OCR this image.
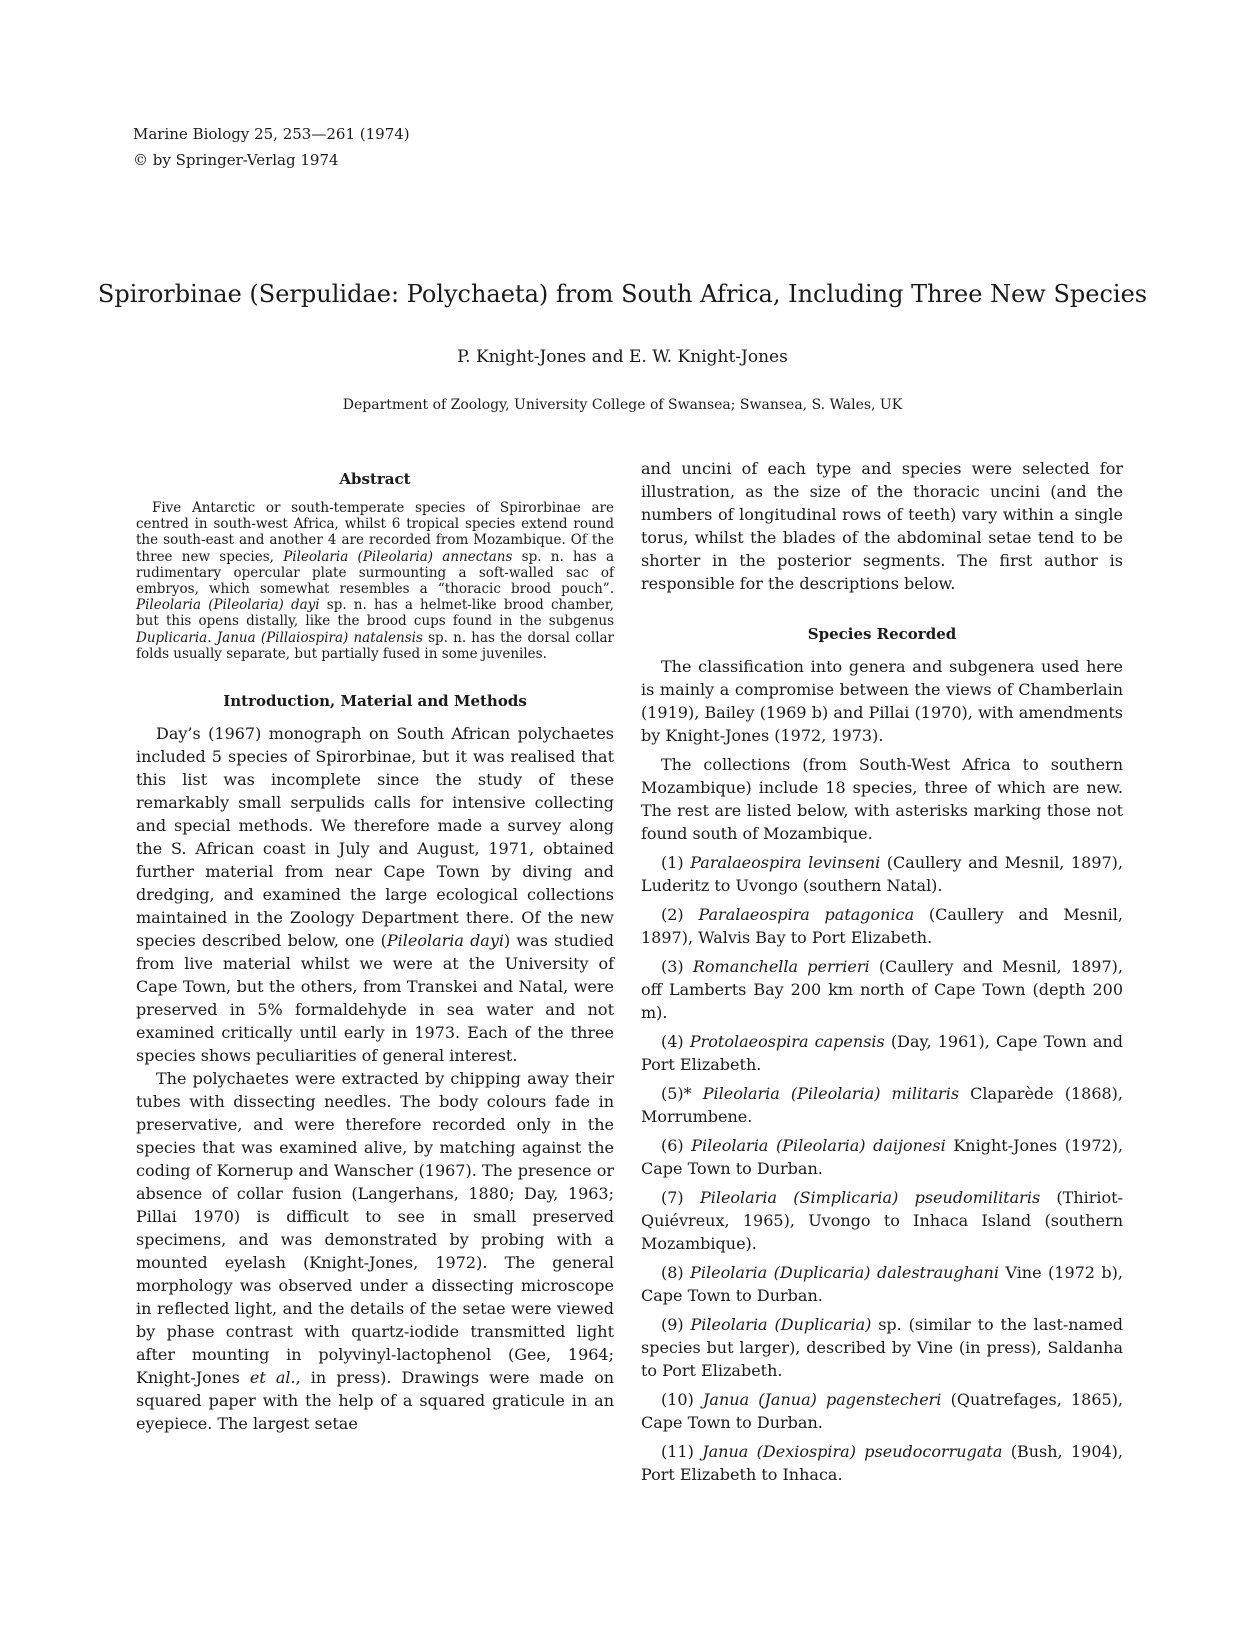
Marine Biology 25, 253—261 (1974)
© by Springer-Verlag 1974
Spirorbinae (Serpulidae: Polychaeta) from South Africa, Including Three New Species
P. Knight-Jones and E. W. Knight-Jones
Department of Zoology, University College of Swansea; Swansea, S. Wales, UK
Abstract

Five Antarctic or south-temperate species of Spirorbinae are centred in south-west Africa, whilst 6 tropical species extend round the south-east and another 4 are recorded from Mozambique. Of the three new species, Pileolaria (Pileolaria) annectans sp. n. has a rudimentary opercular plate surmounting a soft-walled sac of embryos, which somewhat resembles a “thoracic brood pouch”. Pileolaria (Pileolaria) dayi sp. n. has a helmet-like brood chamber, but this opens distally, like the brood cups found in the subgenus Duplicaria. Janua (Pillaiospira) natalensis sp. n. has the dorsal collar folds usually separate, but partially fused in some juveniles.

Introduction, Material and Methods

Day’s (1967) monograph on South African polychaetes included 5 species of Spirorbinae, but it was realised that this list was incomplete since the study of these remarkably small serpulids calls for intensive collecting and special methods. We therefore made a survey along the S. African coast in July and August, 1971, obtained further material from near Cape Town by diving and dredging, and examined the large ecological collections maintained in the Zoology Department there. Of the new species described below, one (Pileolaria dayi) was studied from live material whilst we were at the University of Cape Town, but the others, from Transkei and Natal, were preserved in 5% formaldehyde in sea water and not examined critically until early in 1973. Each of the three species shows peculiarities of general interest.

The polychaetes were extracted by chipping away their tubes with dissecting needles. The body colours fade in preservative, and were therefore recorded only in the species that was examined alive, by matching against the coding of Kornerup and Wanscher (1967). The presence or absence of collar fusion (Langerhans, 1880; Day, 1963; Pillai 1970) is difficult to see in small preserved specimens, and was demonstrated by probing with a mounted eyelash (Knight-Jones, 1972). The general morphology was observed under a dissecting microscope in reflected light, and the details of the setae were viewed by phase contrast with quartz-iodide transmitted light after mounting in polyvinyl-lactophenol (Gee, 1964; Knight-Jones et al., in press). Drawings were made on squared paper with the help of a squared graticule in an eyepiece. The largest setae

and uncini of each type and species were selected for illustration, as the size of the thoracic uncini (and the numbers of longitudinal rows of teeth) vary within a single torus, whilst the blades of the abdominal setae tend to be shorter in the posterior segments. The first author is responsible for the descriptions below.

Species Recorded

The classification into genera and subgenera used here is mainly a compromise between the views of Chamberlain (1919), Bailey (1969 b) and Pillai (1970), with amendments by Knight-Jones (1972, 1973).

The collections (from South-West Africa to southern Mozambique) include 18 species, three of which are new. The rest are listed below, with asterisks marking those not found south of Mozambique.

(1) Paralaeospira levinseni (Caullery and Mesnil, 1897), Luderitz to Uvongo (southern Natal).

(2) Paralaeospira patagonica (Caullery and Mesnil, 1897), Walvis Bay to Port Elizabeth.

(3) Romanchella perrieri (Caullery and Mesnil, 1897), off Lamberts Bay 200 km north of Cape Town (depth 200 m).

(4) Protolaeospira capensis (Day, 1961), Cape Town and Port Elizabeth.

(5)* Pileolaria (Pileolaria) militaris Claparède (1868), Morrumbene.

(6) Pileolaria (Pileolaria) daijonesi Knight-Jones (1972), Cape Town to Durban.

(7) Pileolaria (Simplicaria) pseudomilitaris (Thiriot-Quiévreux, 1965), Uvongo to Inhaca Island (southern Mozambique).

(8) Pileolaria (Duplicaria) dalestraughani Vine (1972 b), Cape Town to Durban.

(9) Pileolaria (Duplicaria) sp. (similar to the last-named species but larger), described by Vine (in press), Saldanha to Port Elizabeth.

(10) Janua (Janua) pagenstecheri (Quatrefages, 1865), Cape Town to Durban.

(11) Janua (Dexiospira) pseudocorrugata (Bush, 1904), Port Elizabeth to Inhaca.
